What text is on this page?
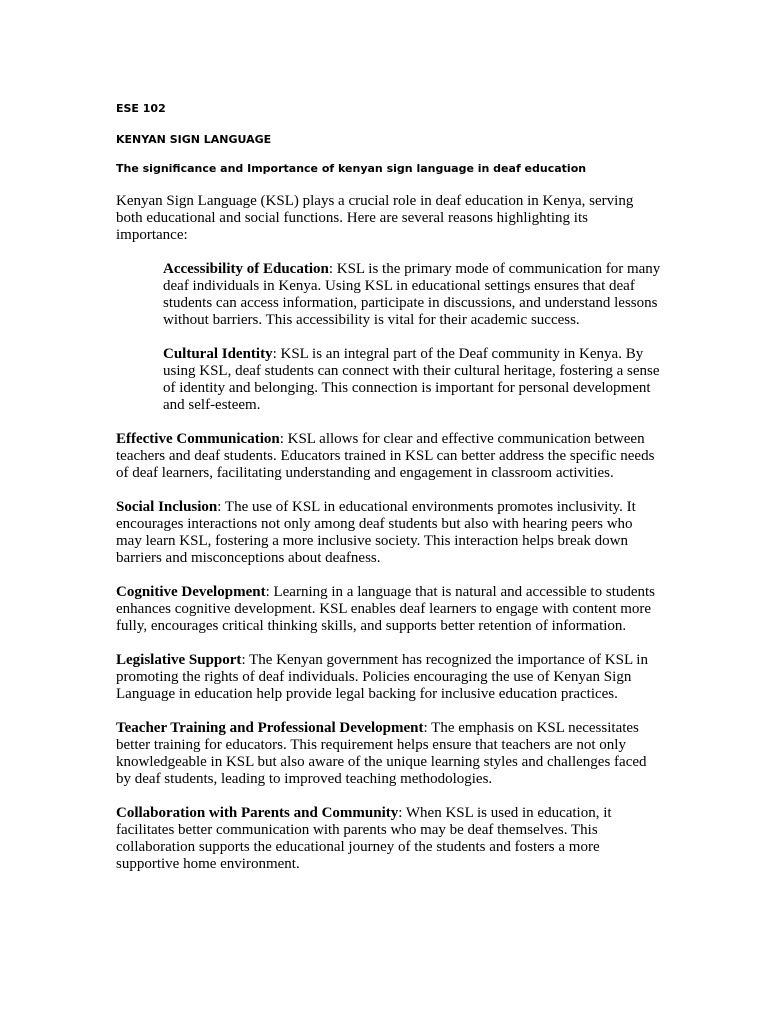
ESE 102

KENYAN SIGN LANGUAGE

The significance and Importance of kenyan sign language in deaf education

Kenyan Sign Language (KSL) plays a crucial role in deaf education in Kenya, serving both educational and social functions. Here are several reasons highlighting its importance:

Accessibility of Education: KSL is the primary mode of communication for many deaf individuals in Kenya. Using KSL in educational settings ensures that deaf students can access information, participate in discussions, and understand lessons without barriers. This accessibility is vital for their academic success.

Cultural Identity: KSL is an integral part of the Deaf community in Kenya. By using KSL, deaf students can connect with their cultural heritage, fostering a sense of identity and belonging. This connection is important for personal development and self-esteem.

Effective Communication: KSL allows for clear and effective communication between teachers and deaf students. Educators trained in KSL can better address the specific needs of deaf learners, facilitating understanding and engagement in classroom activities.

Social Inclusion: The use of KSL in educational environments promotes inclusivity. It encourages interactions not only among deaf students but also with hearing peers who may learn KSL, fostering a more inclusive society. This interaction helps break down barriers and misconceptions about deafness.

Cognitive Development: Learning in a language that is natural and accessible to students enhances cognitive development. KSL enables deaf learners to engage with content more fully, encourages critical thinking skills, and supports better retention of information.

Legislative Support: The Kenyan government has recognized the importance of KSL in promoting the rights of deaf individuals. Policies encouraging the use of Kenyan Sign Language in education help provide legal backing for inclusive education practices.

Teacher Training and Professional Development: The emphasis on KSL necessitates better training for educators. This requirement helps ensure that teachers are not only knowledgeable in KSL but also aware of the unique learning styles and challenges faced by deaf students, leading to improved teaching methodologies.

Collaboration with Parents and Community: When KSL is used in education, it facilitates better communication with parents who may be deaf themselves. This collaboration supports the educational journey of the students and fosters a more supportive home environment.
